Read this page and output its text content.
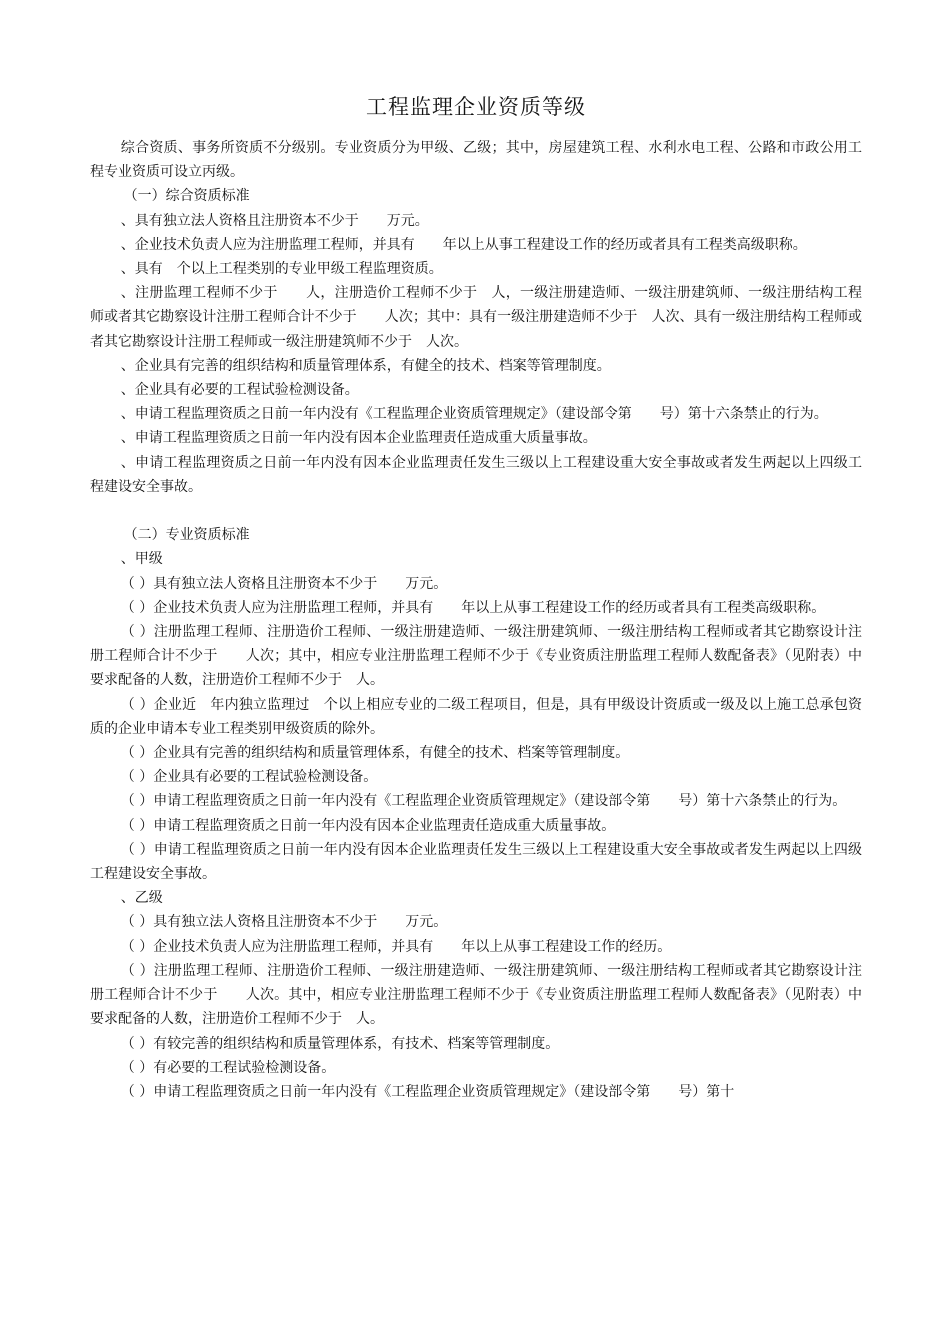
工程监理企业资质等级

综合资质、事务所资质不分级别。专业资质分为甲级、乙级；其中，房屋建筑工程、水利水电工程、公路和市政公用工程专业资质可设立丙级。

（一）综合资质标准

、具有独立法人资格且注册资本不少于　　万元。

、企业技术负责人应为注册监理工程师，并具有　　年以上从事工程建设工作的经历或者具有工程类高级职称。

、具有　个以上工程类别的专业甲级工程监理资质。

、注册监理工程师不少于　　人，注册造价工程师不少于　人，一级注册建造师、一级注册建筑师、一级注册结构工程师或者其它勘察设计注册工程师合计不少于　　人次；其中：具有一级注册建造师不少于　人次、具有一级注册结构工程师或者其它勘察设计注册工程师或一级注册建筑师不少于　人次。

、企业具有完善的组织结构和质量管理体系，有健全的技术、档案等管理制度。

、企业具有必要的工程试验检测设备。

、申请工程监理资质之日前一年内没有《工程监理企业资质管理规定》（建设部令第　　号）第十六条禁止的行为。

、申请工程监理资质之日前一年内没有因本企业监理责任造成重大质量事故。

、申请工程监理资质之日前一年内没有因本企业监理责任发生三级以上工程建设重大安全事故或者发生两起以上四级工程建设安全事故。

（二）专业资质标准

、甲级

（ ）具有独立法人资格且注册资本不少于　　万元。

（ ）企业技术负责人应为注册监理工程师，并具有　　年以上从事工程建设工作的经历或者具有工程类高级职称。

（ ）注册监理工程师、注册造价工程师、一级注册建造师、一级注册建筑师、一级注册结构工程师或者其它勘察设计注册工程师合计不少于　　人次；其中，相应专业注册监理工程师不少于《专业资质注册监理工程师人数配备表》（见附表）中要求配备的人数，注册造价工程师不少于　人。

（ ）企业近　年内独立监理过　个以上相应专业的二级工程项目，但是，具有甲级设计资质或一级及以上施工总承包资质的企业申请本专业工程类别甲级资质的除外。

（ ）企业具有完善的组织结构和质量管理体系，有健全的技术、档案等管理制度。

（ ）企业具有必要的工程试验检测设备。

（ ）申请工程监理资质之日前一年内没有《工程监理企业资质管理规定》（建设部令第　　号）第十六条禁止的行为。

（ ）申请工程监理资质之日前一年内没有因本企业监理责任造成重大质量事故。

（ ）申请工程监理资质之日前一年内没有因本企业监理责任发生三级以上工程建设重大安全事故或者发生两起以上四级工程建设安全事故。

、乙级

（ ）具有独立法人资格且注册资本不少于　　万元。

（ ）企业技术负责人应为注册监理工程师，并具有　　年以上从事工程建设工作的经历。

（ ）注册监理工程师、注册造价工程师、一级注册建造师、一级注册建筑师、一级注册结构工程师或者其它勘察设计注册工程师合计不少于　　人次。其中，相应专业注册监理工程师不少于《专业资质注册监理工程师人数配备表》（见附表）中要求配备的人数，注册造价工程师不少于　人。

（ ）有较完善的组织结构和质量管理体系，有技术、档案等管理制度。

（ ）有必要的工程试验检测设备。

（ ）申请工程监理资质之日前一年内没有《工程监理企业资质管理规定》（建设部令第　　号）第十
